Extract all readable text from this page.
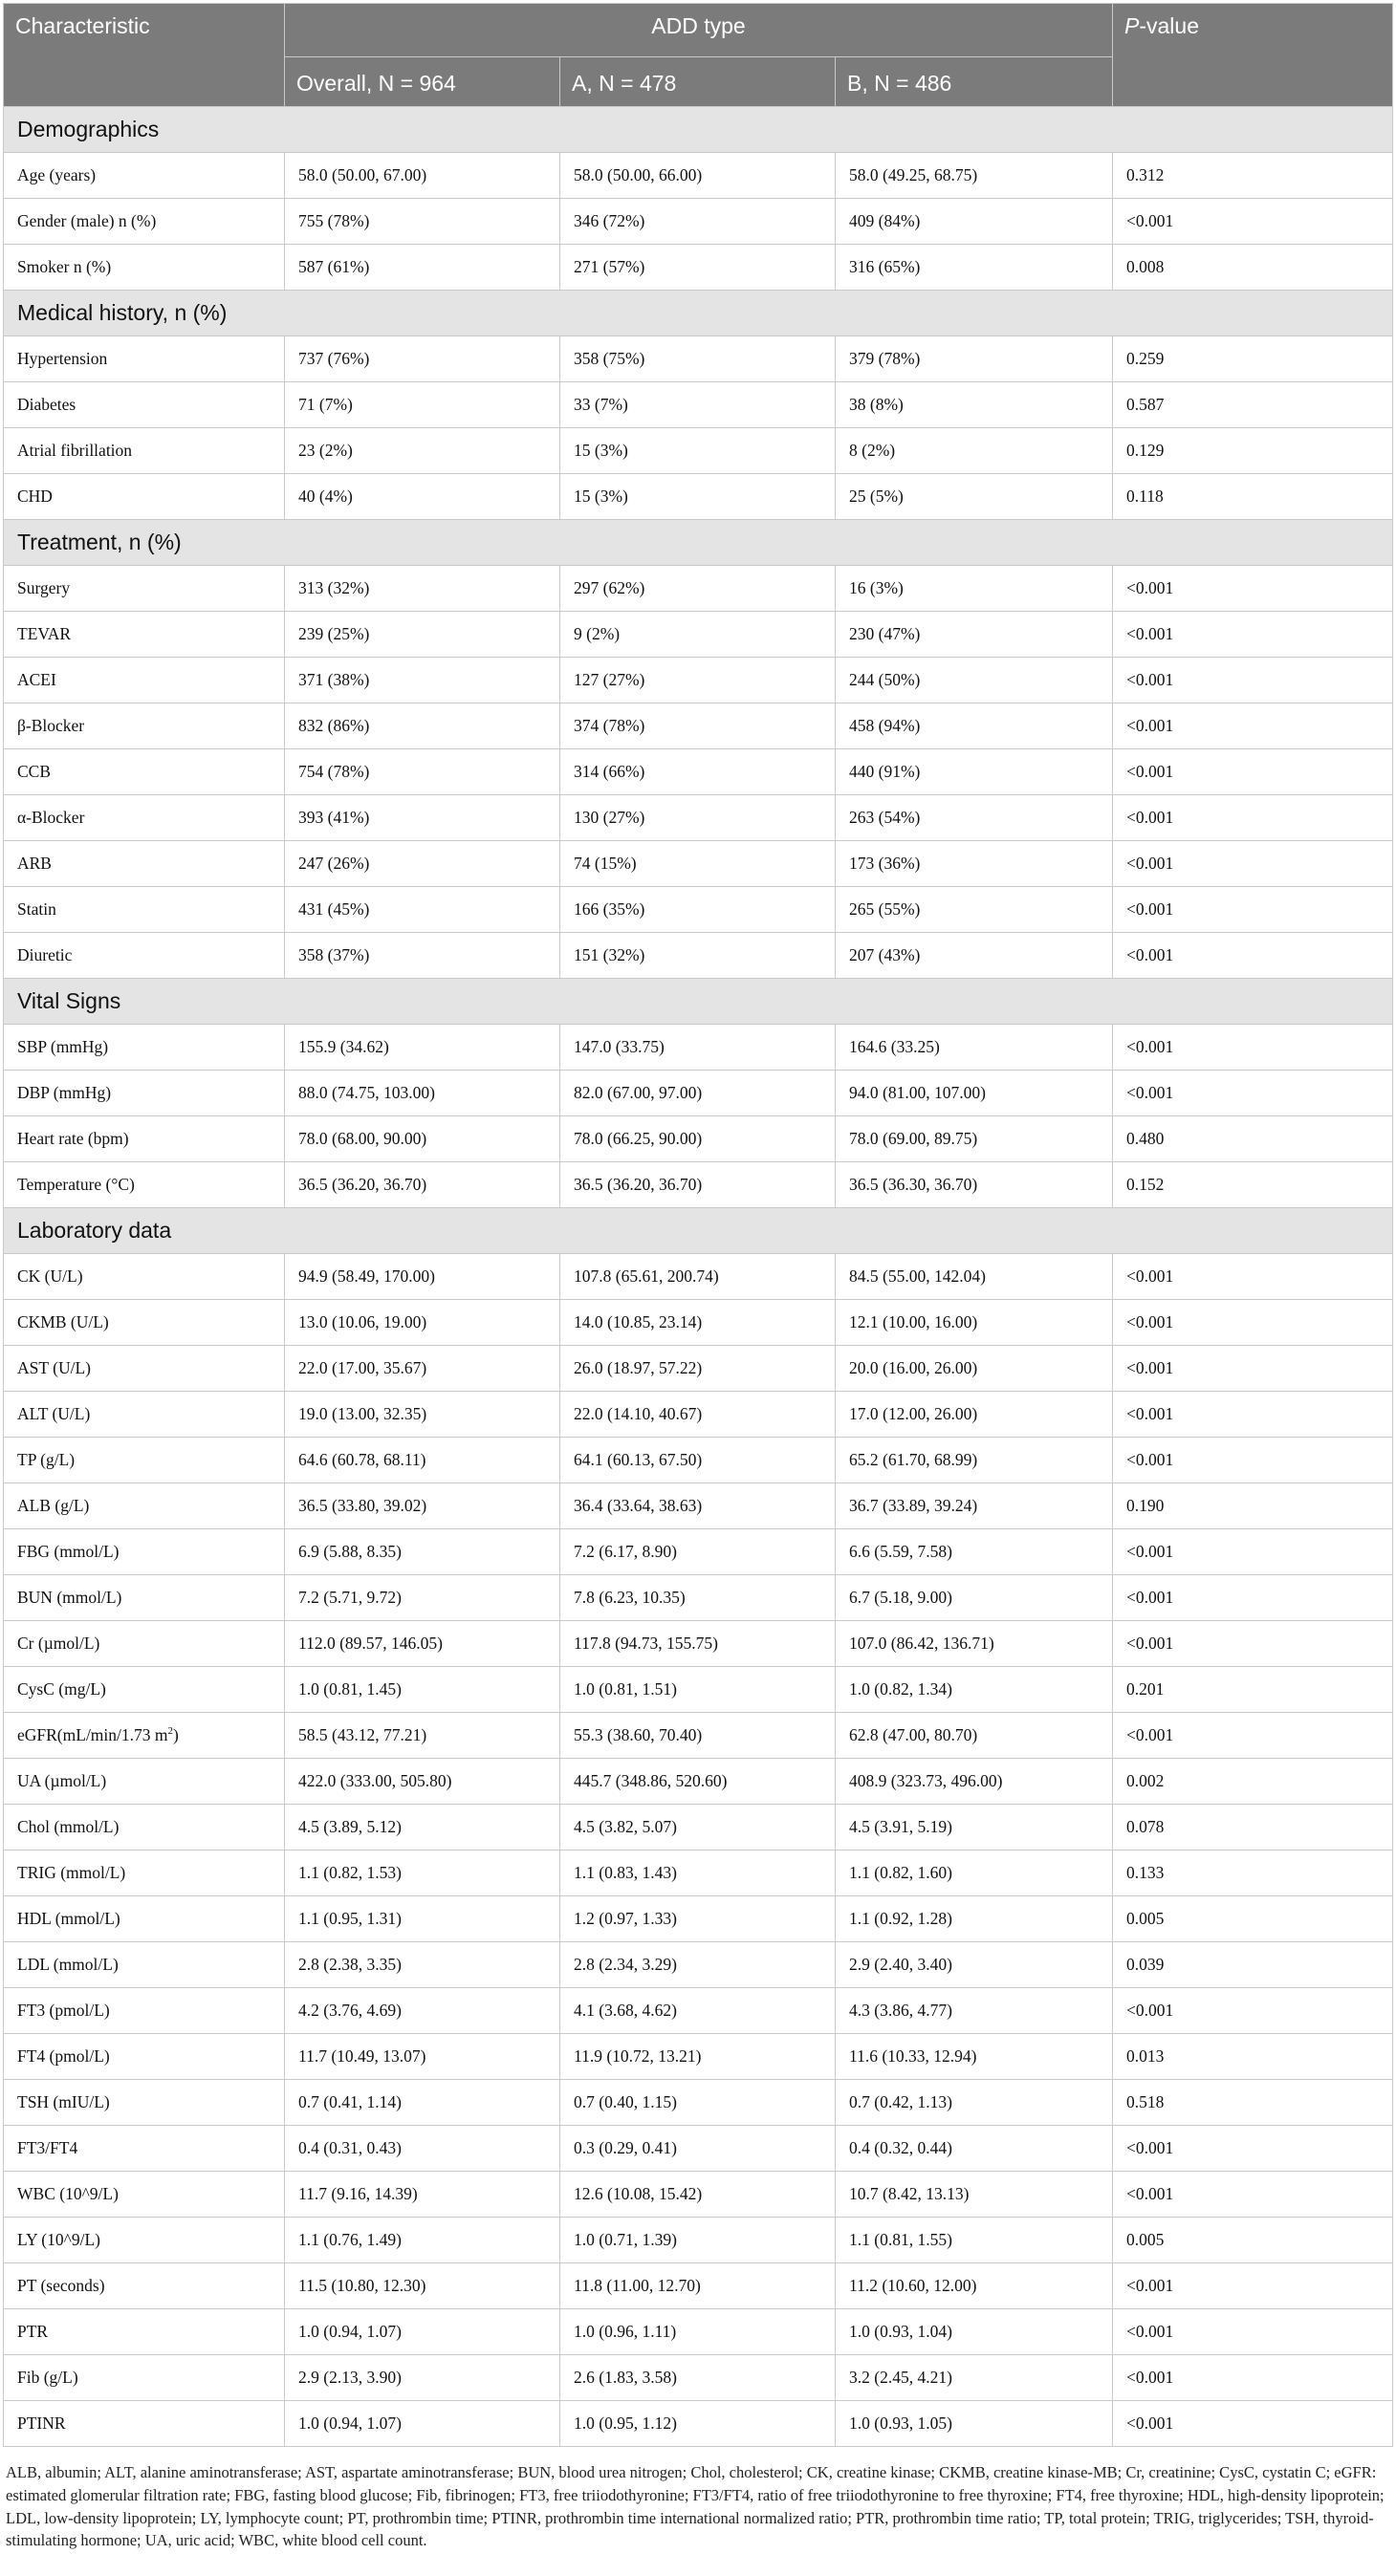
Characteristic	ADD type			P-value
	Overall, N = 964	A, N = 478	B, N = 486	
Demographics				
Age (years)	58.0 (50.00, 67.00)	58.0 (50.00, 66.00)	58.0 (49.25, 68.75)	0.312
Gender (male) n (%)	755 (78%)	346 (72%)	409 (84%)	<0.001
Smoker n (%)	587 (61%)	271 (57%)	316 (65%)	0.008
Medical history, n (%)				
Hypertension	737 (76%)	358 (75%)	379 (78%)	0.259
Diabetes	71 (7%)	33 (7%)	38 (8%)	0.587
Atrial fibrillation	23 (2%)	15 (3%)	8 (2%)	0.129
CHD	40 (4%)	15 (3%)	25 (5%)	0.118
Treatment, n (%)				
Surgery	313 (32%)	297 (62%)	16 (3%)	<0.001
TEVAR	239 (25%)	9 (2%)	230 (47%)	<0.001
ACEI	371 (38%)	127 (27%)	244 (50%)	<0.001
β-Blocker	832 (86%)	374 (78%)	458 (94%)	<0.001
CCB	754 (78%)	314 (66%)	440 (91%)	<0.001
α-Blocker	393 (41%)	130 (27%)	263 (54%)	<0.001
ARB	247 (26%)	74 (15%)	173 (36%)	<0.001
Statin	431 (45%)	166 (35%)	265 (55%)	<0.001
Diuretic	358 (37%)	151 (32%)	207 (43%)	<0.001
Vital Signs				
SBP (mmHg)	155.9 (34.62)	147.0 (33.75)	164.6 (33.25)	<0.001
DBP (mmHg)	88.0 (74.75, 103.00)	82.0 (67.00, 97.00)	94.0 (81.00, 107.00)	<0.001
Heart rate (bpm)	78.0 (68.00, 90.00)	78.0 (66.25, 90.00)	78.0 (69.00, 89.75)	0.480
Temperature (°C)	36.5 (36.20, 36.70)	36.5 (36.20, 36.70)	36.5 (36.30, 36.70)	0.152
Laboratory data				
CK (U/L)	94.9 (58.49, 170.00)	107.8 (65.61, 200.74)	84.5 (55.00, 142.04)	<0.001
CKMB (U/L)	13.0 (10.06, 19.00)	14.0 (10.85, 23.14)	12.1 (10.00, 16.00)	<0.001
AST (U/L)	22.0 (17.00, 35.67)	26.0 (18.97, 57.22)	20.0 (16.00, 26.00)	<0.001
ALT (U/L)	19.0 (13.00, 32.35)	22.0 (14.10, 40.67)	17.0 (12.00, 26.00)	<0.001
TP (g/L)	64.6 (60.78, 68.11)	64.1 (60.13, 67.50)	65.2 (61.70, 68.99)	<0.001
ALB (g/L)	36.5 (33.80, 39.02)	36.4 (33.64, 38.63)	36.7 (33.89, 39.24)	0.190
FBG (mmol/L)	6.9 (5.88, 8.35)	7.2 (6.17, 8.90)	6.6 (5.59, 7.58)	<0.001
BUN (mmol/L)	7.2 (5.71, 9.72)	7.8 (6.23, 10.35)	6.7 (5.18, 9.00)	<0.001
Cr (µmol/L)	112.0 (89.57, 146.05)	117.8 (94.73, 155.75)	107.0 (86.42, 136.71)	<0.001
CysC (mg/L)	1.0 (0.81, 1.45)	1.0 (0.81, 1.51)	1.0 (0.82, 1.34)	0.201
eGFR(mL/min/1.73 $m^2$)	58.5 (43.12, 77.21)	55.3 (38.60, 70.40)	62.8 (47.00, 80.70)	<0.001
UA (µmol/L)	422.0 (333.00, 505.80)	445.7 (348.86, 520.60)	408.9 (323.73, 496.00)	0.002
Chol (mmol/L)	4.5 (3.89, 5.12)	4.5 (3.82, 5.07)	4.5 (3.91, 5.19)	0.078
TRIG (mmol/L)	1.1 (0.82, 1.53)	1.1 (0.83, 1.43)	1.1 (0.82, 1.60)	0.133
HDL (mmol/L)	1.1 (0.95, 1.31)	1.2 (0.97, 1.33)	1.1 (0.92, 1.28)	0.005
LDL (mmol/L)	2.8 (2.38, 3.35)	2.8 (2.34, 3.29)	2.9 (2.40, 3.40)	0.039
FT3 (pmol/L)	4.2 (3.76, 4.69)	4.1 (3.68, 4.62)	4.3 (3.86, 4.77)	<0.001
FT4 (pmol/L)	11.7 (10.49, 13.07)	11.9 (10.72, 13.21)	11.6 (10.33, 12.94)	0.013
TSH (mIU/L)	0.7 (0.41, 1.14)	0.7 (0.40, 1.15)	0.7 (0.42, 1.13)	0.518
FT3/FT4	0.4 (0.31, 0.43)	0.3 (0.29, 0.41)	0.4 (0.32, 0.44)	<0.001
WBC (10^9/L)	11.7 (9.16, 14.39)	12.6 (10.08, 15.42)	10.7 (8.42, 13.13)	<0.001
LY (10^9/L)	1.1 (0.76, 1.49)	1.0 (0.71, 1.39)	1.1 (0.81, 1.55)	0.005
PT (seconds)	11.5 (10.80, 12.30)	11.8 (11.00, 12.70)	11.2 (10.60, 12.00)	<0.001
PTR	1.0 (0.94, 1.07)	1.0 (0.96, 1.11)	1.0 (0.93, 1.04)	<0.001
Fib (g/L)	2.9 (2.13, 3.90)	2.6 (1.83, 3.58)	3.2 (2.45, 4.21)	<0.001
PTINR	1.0 (0.94, 1.07)	1.0 (0.95, 1.12)	1.0 (0.93, 1.05)	<0.001
ALB, albumin; ALT, alanine aminotransferase; AST, aspartate aminotransferase; BUN, blood urea nitrogen; Chol, cholesterol; CK, creatine kinase; CKMB, creatine kinase-MB; Cr, creatinine; CysC, cystatin C; eGFR: estimated glomerular filtration rate; FBG, fasting blood glucose; Fib, fibrinogen; FT3, free triiodothyronine; FT3/FT4, ratio of free triiodothyronine to free thyroxine; FT4, free thyroxine; HDL, high-density lipoprotein; LDL, low-density lipoprotein; LY, lymphocyte count; PT, prothrombin time; PTINR, prothrombin time international normalized ratio; PTR, prothrombin time ratio; TP, total protein; TRIG, triglycerides; TSH, thyroid-stimulating hormone; UA, uric acid; WBC, white blood cell count.
